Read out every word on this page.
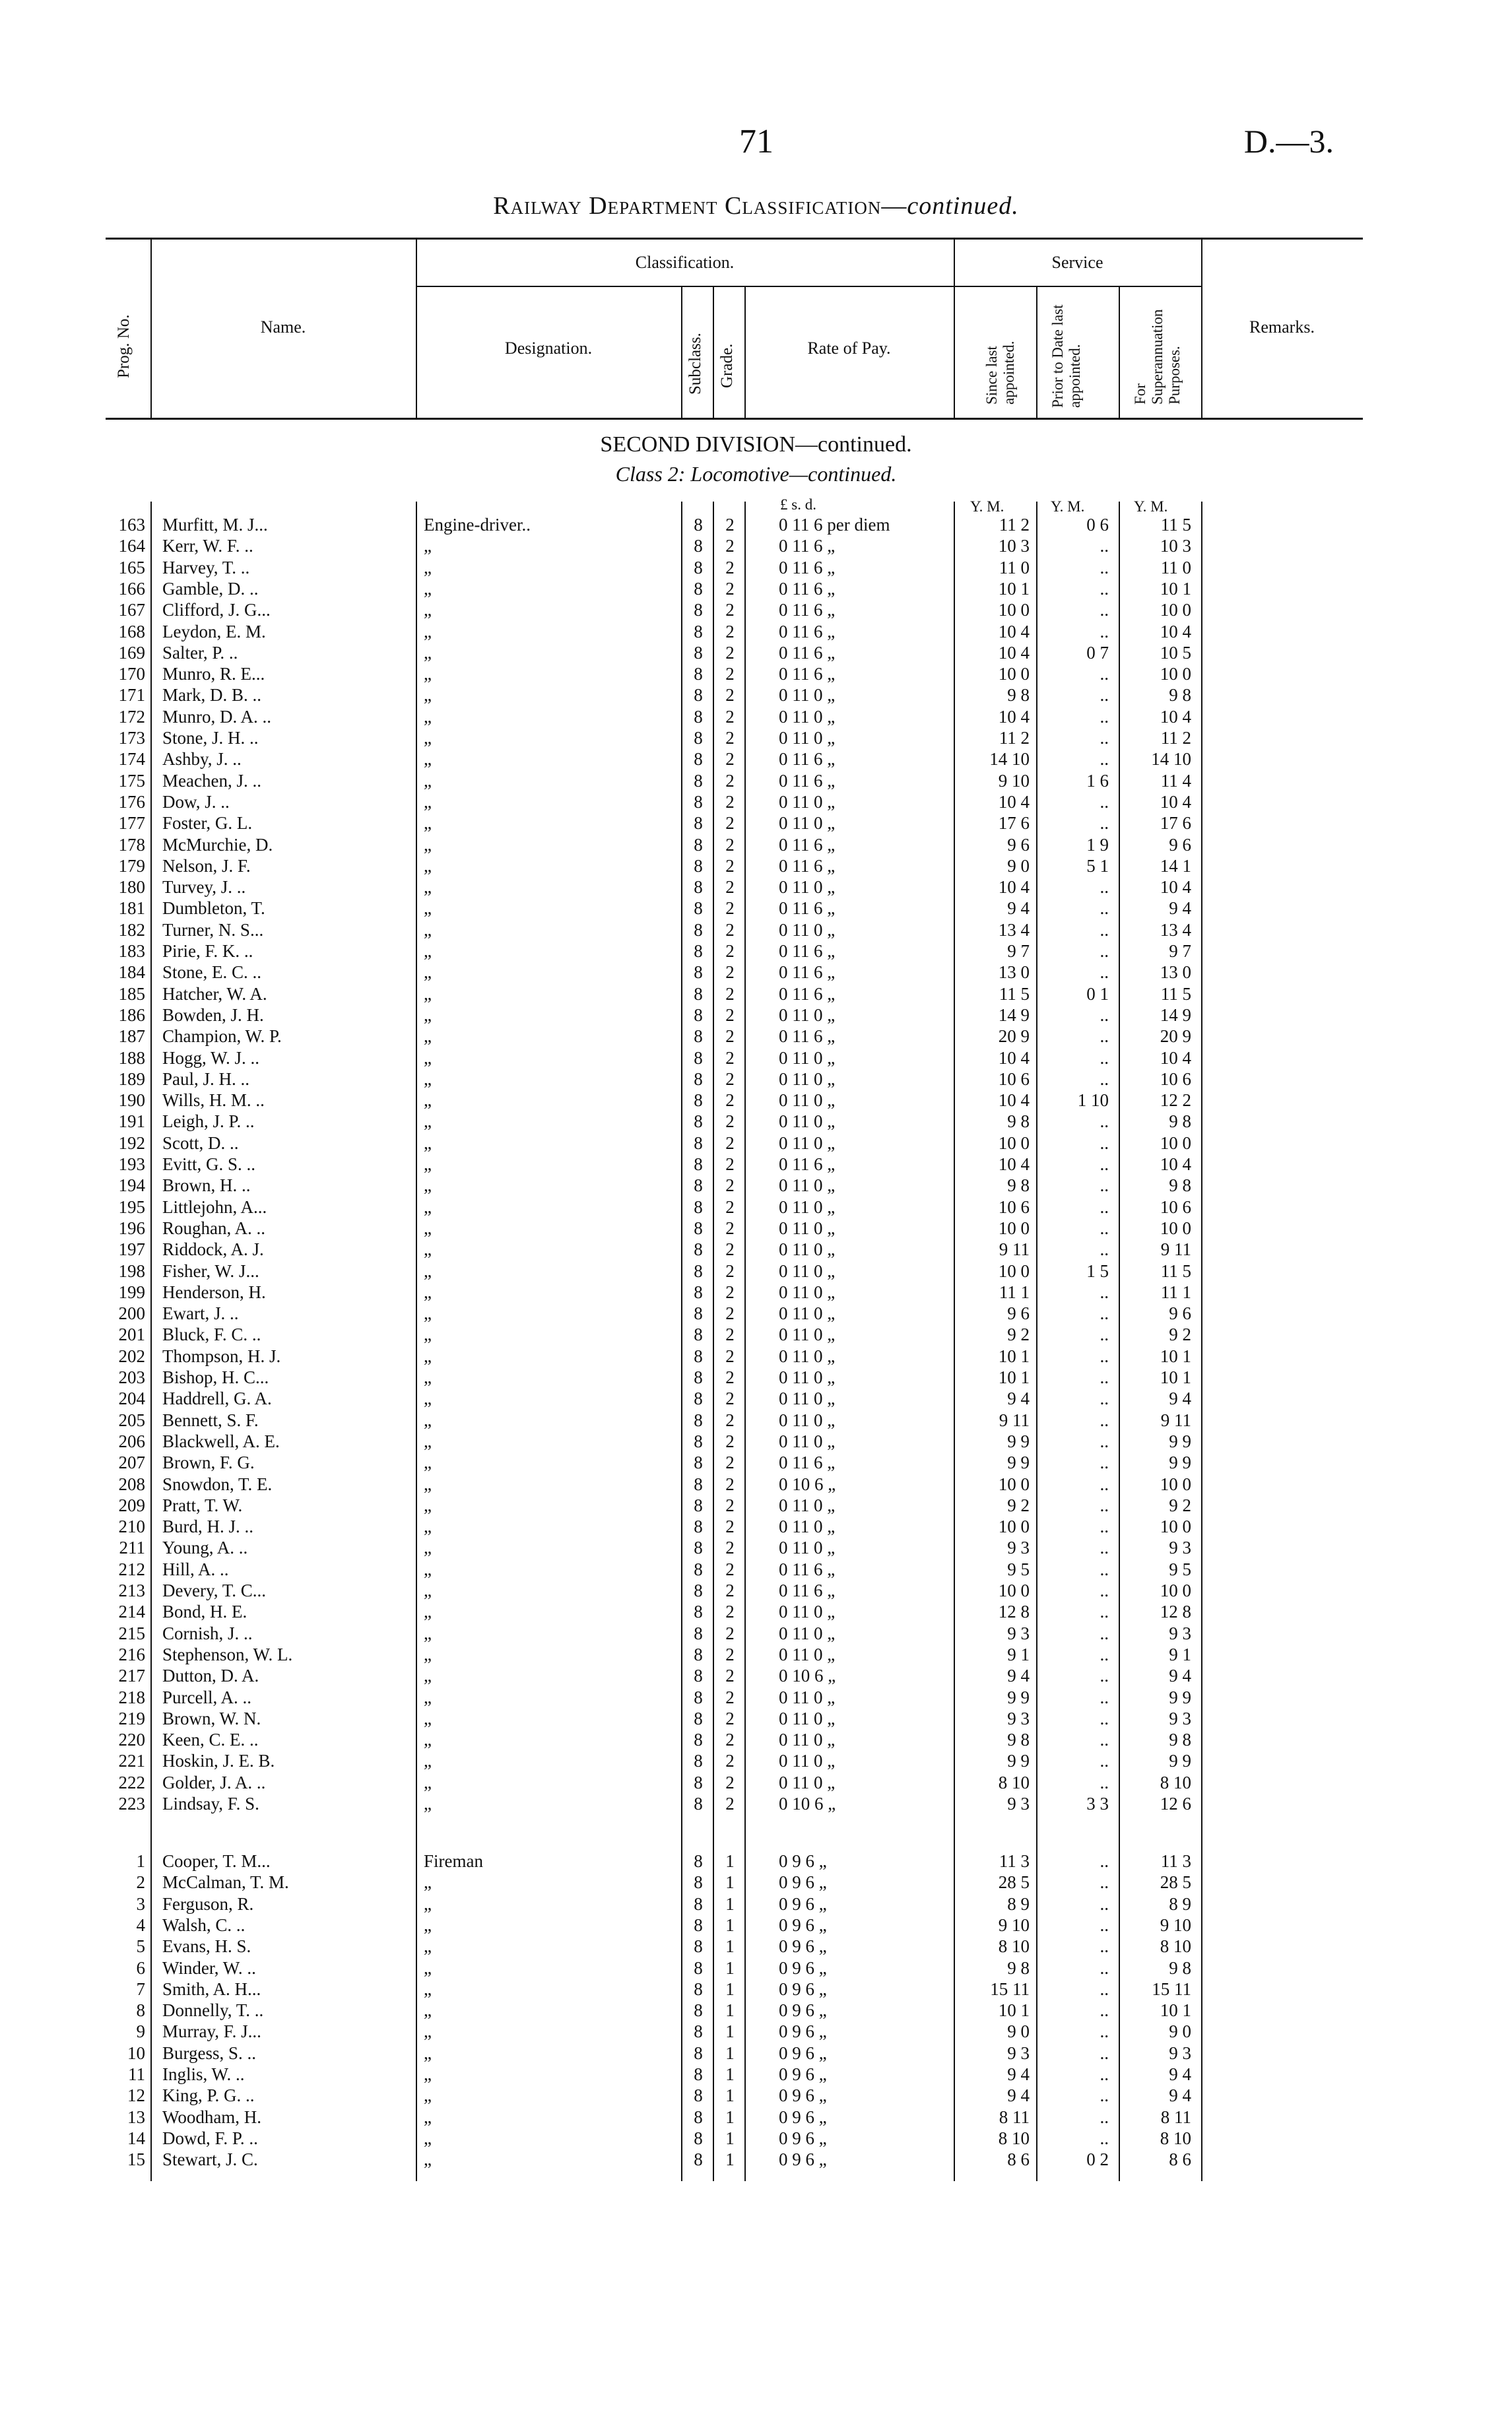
71	D.—3.
Railway Department Classification—continued.
Prog. No.	Name.
Classification.	Service
Designation.	Subclass. Grade.	Rate of Pay.	Since last appointed. Prior to Date last appointed.	For Superannuation Purposes.
Remarks.
SECOND DIVISION—continued.
Class 2: Locomotive—continued.
£ s. d.	Y. M.	Y. M.	Y. M.
163 Murfitt, M. J...	Engine-driver..	8	2	0 11 6 per diem	11 2	0 6	11 5
164 Kerr, W. F. ..	„	8	2	0 11 6 „	10 3	..	10 3
165 Harvey, T. ..	„	8	2	0 11 6 „	11 0	..	11 0
166 Gamble, D. ..	„	8	2	0 11 6 „	10 1	..	10 1
167 Clifford, J. G...	„	8	2	0 11 6 „	10 0	..	10 0
168 Leydon, E. M.	„	8	2	0 11 6 „	10 4	..	10 4
169 Salter, P. ..	„	8	2	0 11 6 „	10 4	0 7	10 5
170 Munro, R. E...	„	8	2	0 11 6 „	10 0	..	10 0
171 Mark, D. B. ..	„	8	2	0 11 0 „	9 8	..	9 8
172 Munro, D. A. ..	„	8	2	0 11 0 „	10 4	..	10 4
173 Stone, J. H. ..	„	8	2	0 11 0 „	11 2	..	11 2
174 Ashby, J. ..	„	8	2	0 11 6 „	14 10	..	14 10
175 Meachen, J. ..	„	8	2	0 11 6 „	9 10	1 6	11 4
176 Dow, J. ..	„	8	2	0 11 0 „	10 4	..	10 4
177 Foster, G. L.	„	8	2	0 11 0 „	17 6	..	17 6
178 McMurchie, D.	„	8	2	0 11 6 „	9 6	1 9	9 6
179 Nelson, J. F.	„	8	2	0 11 6 „	9 0	5 1	14 1
180 Turvey, J. ..	„	8	2	0 11 0 „	10 4	..	10 4
181 Dumbleton, T.	„	8	2	0 11 6 „	9 4	..	9 4
182 Turner, N. S...	„	8	2	0 11 0 „	13 4	..	13 4
183 Pirie, F. K. ..	„	8	2	0 11 6 „	9 7	..	9 7
184 Stone, E. C. ..	„	8	2	0 11 6 „	13 0	..	13 0
185 Hatcher, W. A.	„	8	2	0 11 6 „	11 5	0 1	11 5
186 Bowden, J. H.	„	8	2	0 11 0 „	14 9	..	14 9
187 Champion, W. P.	„	8	2	0 11 6 „	20 9	..	20 9
188 Hogg, W. J. ..	„	8	2	0 11 0 „	10 4	..	10 4
189 Paul, J. H. ..	„	8	2	0 11 0 „	10 6	..	10 6
190 Wills, H. M. ..	„	8	2	0 11 0 „	10 4	1 10	12 2
191 Leigh, J. P. ..	„	8	2	0 11 0 „	9 8	..	9 8
192 Scott, D. ..	„	8	2	0 11 0 „	10 0	..	10 0
193 Evitt, G. S. ..	„	8	2	0 11 6 „	10 4	..	10 4
194 Brown, H. ..	„	8	2	0 11 0 „	9 8	..	9 8
195 Littlejohn, A...	„	8	2	0 11 0 „	10 6	..	10 6
196 Roughan, A. ..	„	8	2	0 11 0 „	10 0	..	10 0
197 Riddock, A. J.	„	8	2	0 11 0 „	9 11	..	9 11
198 Fisher, W. J...	„	8	2	0 11 0 „	10 0	1 5	11 5
199 Henderson, H.	„	8	2	0 11 0 „	11 1	..	11 1
200 Ewart, J. ..	„	8	2	0 11 0 „	9 6	..	9 6
201 Bluck, F. C. ..	„	8	2	0 11 0 „	9 2	..	9 2
202 Thompson, H. J.	„	8	2	0 11 0 „	10 1	..	10 1
203 Bishop, H. C...	„	8	2	0 11 0 „	10 1	..	10 1
204 Haddrell, G. A.	„	8	2	0 11 0 „	9 4	..	9 4
205 Bennett, S. F.	„	8	2	0 11 0 „	9 11	..	9 11
206 Blackwell, A. E.	„	8	2	0 11 0 „	9 9	..	9 9
207 Brown, F. G.	„	8	2	0 11 6 „	9 9	..	9 9
208 Snowdon, T. E.	„	8	2	0 10 6 „	10 0	..	10 0
209 Pratt, T. W.	„	8	2	0 11 0 „	9 2	..	9 2
210 Burd, H. J. ..	„	8	2	0 11 0 „	10 0	..	10 0
211 Young, A. ..	„	8	2	0 11 0 „	9 3	..	9 3
212 Hill, A. ..	„	8	2	0 11 6 „	9 5	..	9 5
213 Devery, T. C...	„	8	2	0 11 6 „	10 0	..	10 0
214 Bond, H. E.	„	8	2	0 11 0 „	12 8	..	12 8
215 Cornish, J. ..	„	8	2	0 11 0 „	9 3	..	9 3
216 Stephenson, W. L.	„	8	2	0 11 0 „	9 1	..	9 1
217 Dutton, D. A.	„	8	2	0 10 6 „	9 4	..	9 4
218 Purcell, A. ..	„	8	2	0 11 0 „	9 9	..	9 9
219 Brown, W. N.	„	8	2	0 11 0 „	9 3	..	9 3
220 Keen, C. E. ..	„	8	2	0 11 0 „	9 8	..	9 8
221 Hoskin, J. E. B.	„	8	2	0 11 0 „	9 9	..	9 9
222 Golder, J. A. ..	„	8	2	0 11 0 „	8 10	..	8 10
223 Lindsay, F. S.	„	8	2	0 10 6 „	9 3	3 3	12 6
1 Cooper, T. M...	Fireman	8	1	0 9 6 „	11 3	..	11 3
2 McCalman, T. M.	„	8	1	0 9 6 „	28 5	..	28 5
3 Ferguson, R.	„	8	1	0 9 6 „	8 9	..	8 9
4 Walsh, C. ..	„	8	1	0 9 6 „	9 10	..	9 10
5 Evans, H. S.	„	8	1	0 9 6 „	8 10	..	8 10
6 Winder, W. ..	„	8	1	0 9 6 „	9 8	..	9 8
7 Smith, A. H...	„	8	1	0 9 6 „	15 11	..	15 11
8 Donnelly, T. ..	„	8	1	0 9 6 „	10 1	..	10 1
9 Murray, F. J...	„	8	1	0 9 6 „	9 0	..	9 0
10 Burgess, S. ..	„	8	1	0 9 6 „	9 3	..	9 3
11 Inglis, W. ..	„	8	1	0 9 6 „	9 4	..	9 4
12 King, P. G. ..	„	8	1	0 9 6 „	9 4	..	9 4
13 Woodham, H.	„	8	1	0 9 6 „	8 11	..	8 11
14 Dowd, F. P. ..	„	8	1	0 9 6 „	8 10	..	8 10
15 Stewart, J. C.	„	8	1	0 9 6 „	8 6	0 2	8 6
